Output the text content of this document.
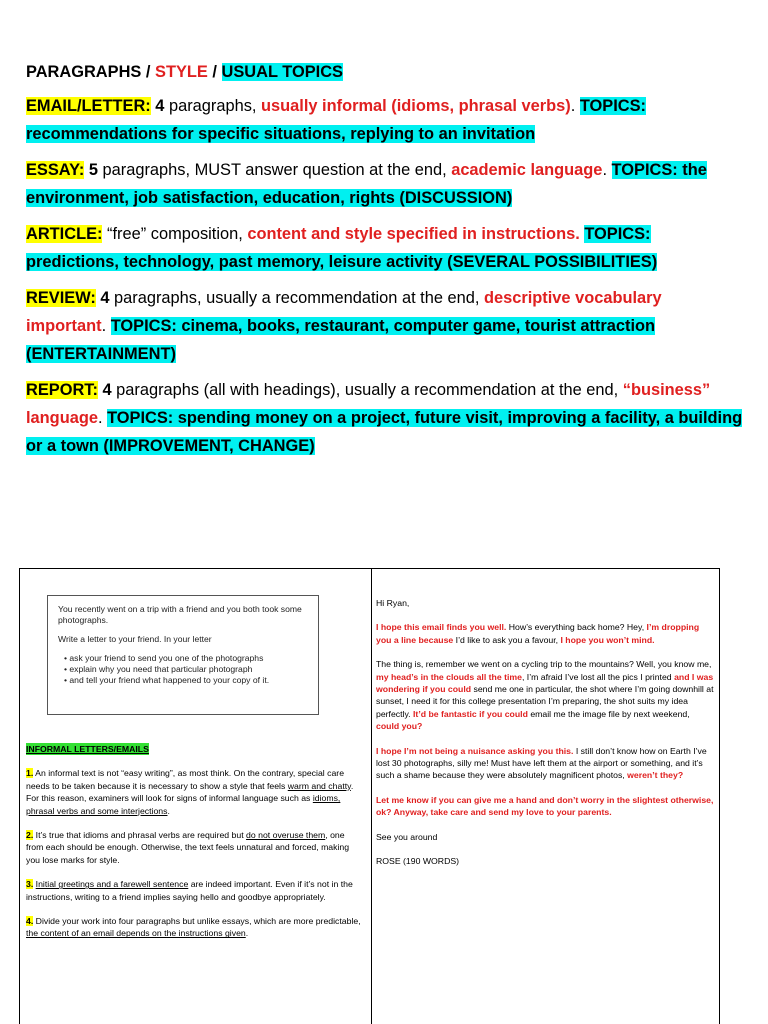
PARAGRAPHS / STYLE / USUAL TOPICS

EMAIL/LETTER: 4 paragraphs, usually informal (idioms, phrasal verbs). TOPICS: recommendations for specific situations, replying to an invitation

ESSAY: 5 paragraphs, MUST answer question at the end, academic language. TOPICS: the environment, job satisfaction, education, rights (DISCUSSION)

ARTICLE: “free” composition, content and style specified in instructions. TOPICS: predictions, technology, past memory, leisure activity (SEVERAL POSSIBILITIES)

REVIEW: 4 paragraphs, usually a recommendation at the end, descriptive vocabulary important. TOPICS: cinema, books, restaurant, computer game, tourist attraction (ENTERTAINMENT)

REPORT: 4 paragraphs (all with headings), usually a recommendation at the end, “business” language. TOPICS: spending money on a project, future visit, improving a facility, a building or a town (IMPROVEMENT, CHANGE)

You recently went on a trip with a friend and you both took some photographs.

Write a letter to your friend. In your letter

• ask your friend to send you one of the photographs
• explain why you need that particular photograph
• and tell your friend what happened to your copy of it.
INFORMAL LETTERS/EMAILS

1. An informal text is not “easy writing”, as most think. On the contrary, special care needs to be taken because it is necessary to show a style that feels warm and chatty. For this reason, examiners will look for signs of informal language such as idioms, phrasal verbs and some interjections.

2. It’s true that idioms and phrasal verbs are required but do not overuse them, one from each should be enough. Otherwise, the text feels unnatural and forced, making you lose marks for style.

3. Initial greetings and a farewell sentence are indeed important. Even if it’s not in the instructions, writing to a friend implies saying hello and goodbye appropriately.

4. Divide your work into four paragraphs but unlike essays, which are more predictable, the content of an email depends on the instructions given.

Hi Ryan,

I hope this email finds you well. How’s everything back home? Hey, I’m dropping you a line because I’d like to ask you a favour, I hope you won’t mind.

The thing is, remember we went on a cycling trip to the mountains? Well, you know me, my head’s in the clouds all the time, I’m afraid I’ve lost all the pics I printed and I was wondering if you could send me one in particular, the shot where I’m going downhill at sunset, I need it for this college presentation I’m preparing, the shot suits my idea perfectly. It’d be fantastic if you could email me the image file by next weekend, could you?

I hope I’m not being a nuisance asking you this. I still don’t know how on Earth I’ve lost 30 photographs, silly me! Must have left them at the airport or something, and it’s such a shame because they were absolutely magnificent photos, weren’t they?

Let me know if you can give me a hand and don’t worry in the slightest otherwise, ok? Anyway, take care and send my love to your parents.

See you around

ROSE (190 WORDS)
